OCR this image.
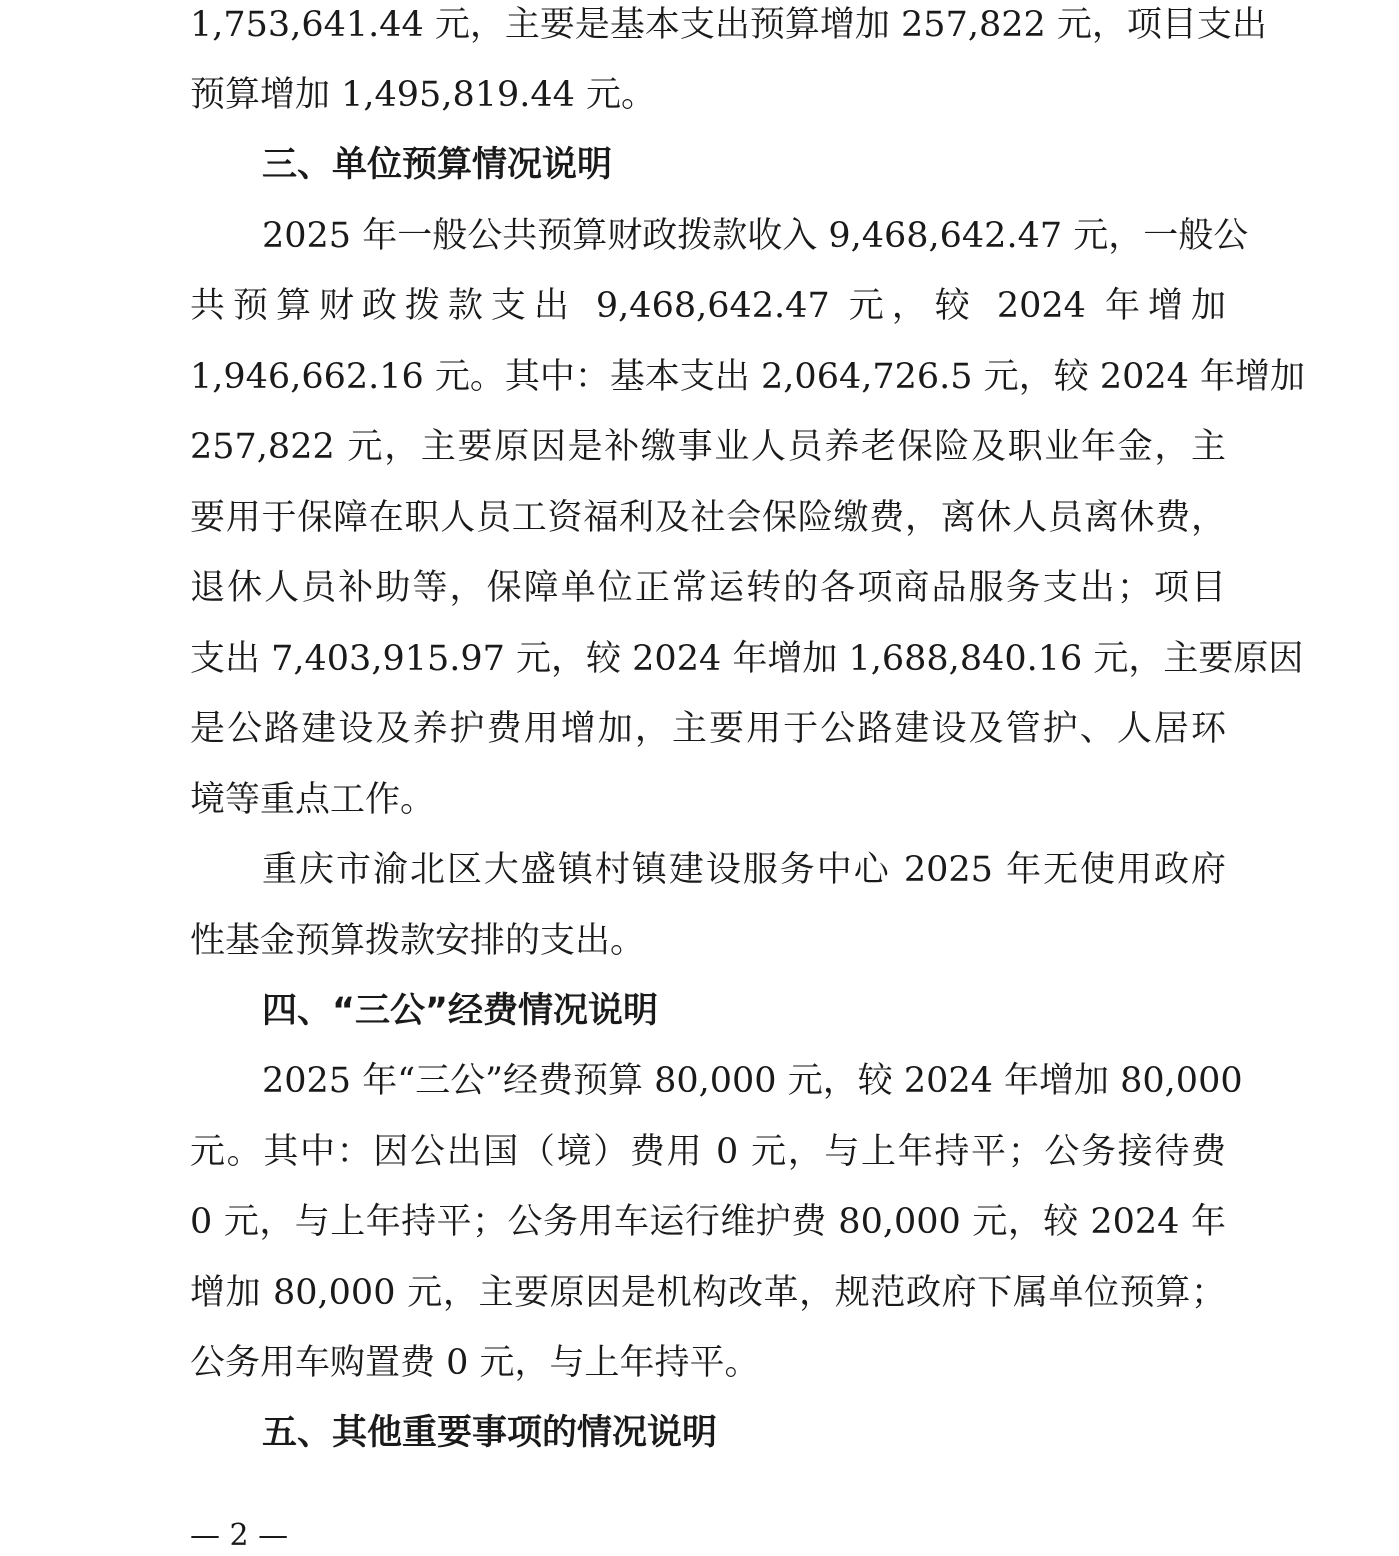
1,753,641.44 元，主要是基本支出预算增加 257,822 元，项目支出
预算增加 1,495,819.44 元。
三、单位预算情况说明
2025 年一般公共预算财政拨款收入 9,468,642.47 元，一般公
共预算财政拨款支出 9,468,642.47 元，较 2024 年增加
1,946,662.16 元。其中：基本支出 2,064,726.5 元，较 2024 年增加
257,822 元，主要原因是补缴事业人员养老保险及职业年金，主
要用于保障在职人员工资福利及社会保险缴费，离休人员离休费，
退休人员补助等，保障单位正常运转的各项商品服务支出；项目
支出 7,403,915.97 元，较 2024 年增加 1,688,840.16 元，主要原因
是公路建设及养护费用增加，主要用于公路建设及管护、人居环
境等重点工作。
重庆市渝北区大盛镇村镇建设服务中心 2025 年无使用政府
性基金预算拨款安排的支出。
四、“三公”经费情况说明
2025 年“三公”经费预算 80,000 元，较 2024 年增加 80,000
元。其中：因公出国（境）费用 0 元，与上年持平；公务接待费
0 元，与上年持平；公务用车运行维护费 80,000 元，较 2024 年
增加 80,000 元，主要原因是机构改革，规范政府下属单位预算；
公务用车购置费 0 元，与上年持平。
五、其他重要事项的情况说明
— 2 —
